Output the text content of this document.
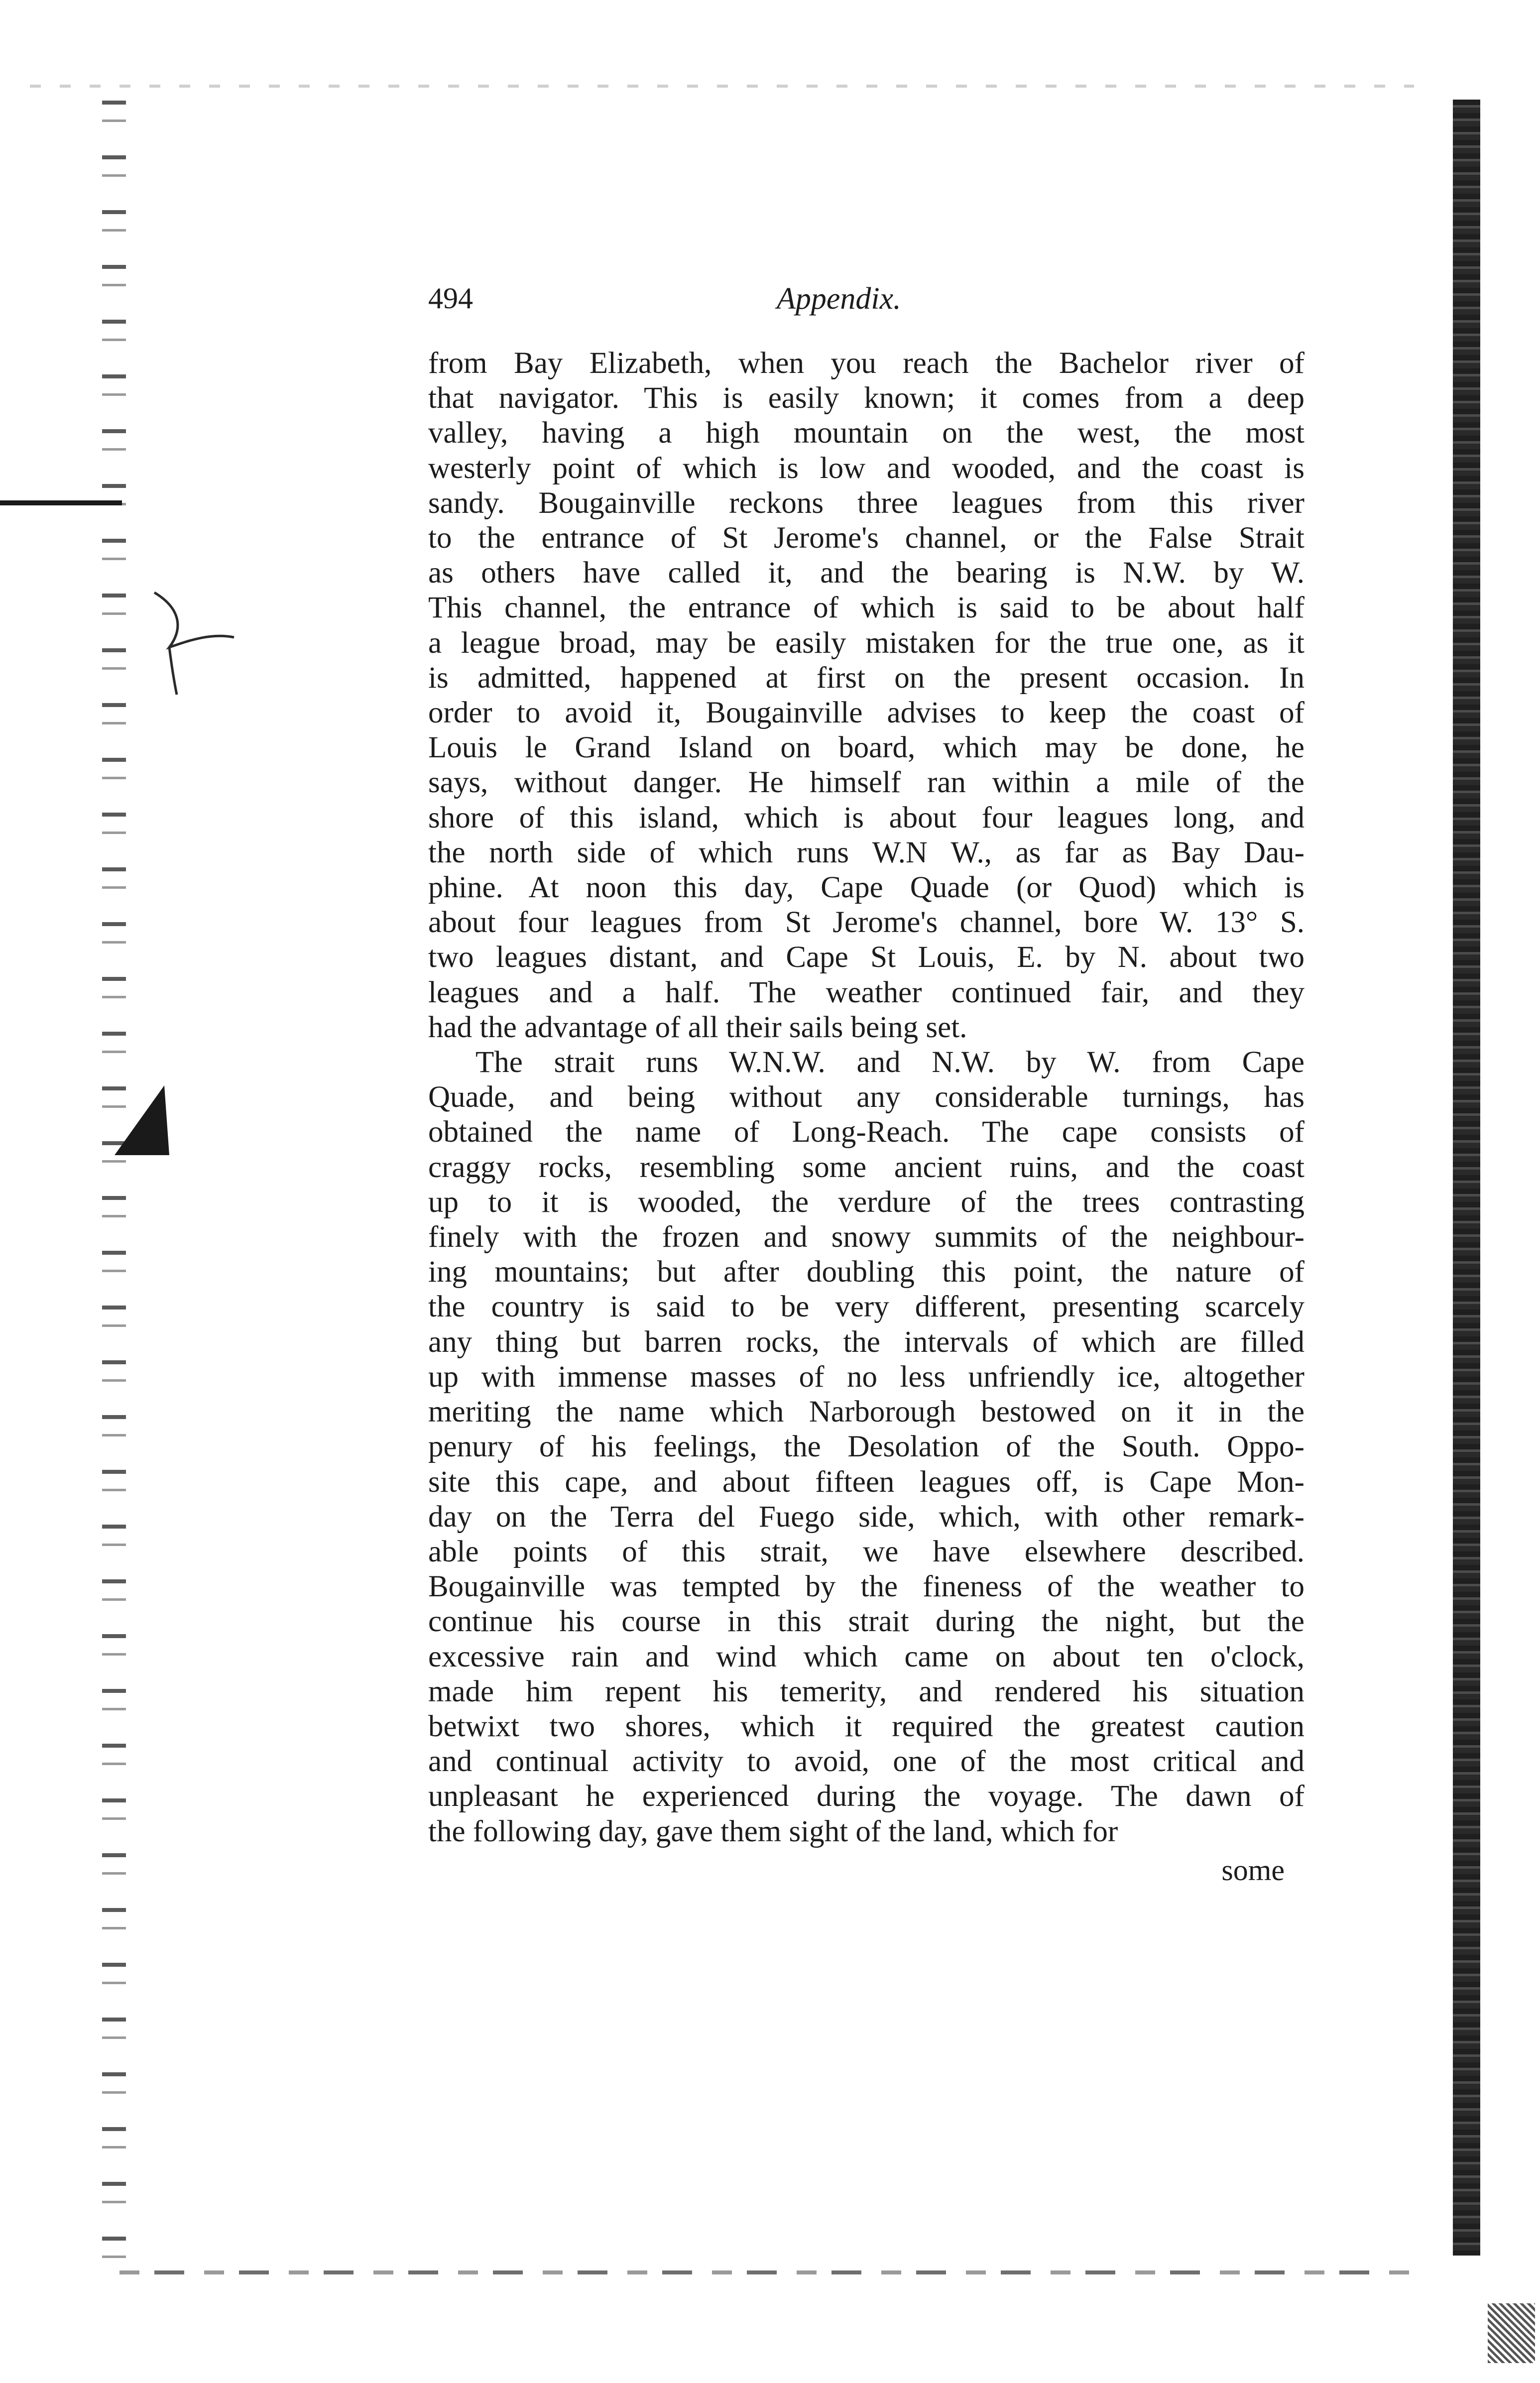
494	Appendix.
from Bay Elizabeth, when you reach the Bachelor river of
that navigator. This is easily known; it comes from a deep
valley, having a high mountain on the west, the most
westerly point of which is low and wooded, and the coast is
sandy. Bougainville reckons three leagues from this river
to the entrance of St Jerome's channel, or the False Strait
as others have called it, and the bearing is N.W. by W.
This channel, the entrance of which is said to be about half
a league broad, may be easily mistaken for the true one, as it
is admitted, happened at first on the present occasion. In
order to avoid it, Bougainville advises to keep the coast of
Louis le Grand Island on board, which may be done, he
says, without danger. He himself ran within a mile of the
shore of this island, which is about four leagues long, and
the north side of which runs W.N W., as far as Bay Dau-
phine. At noon this day, Cape Quade (or Quod) which is
about four leagues from St Jerome's channel, bore W. 13° S.
two leagues distant, and Cape St Louis, E. by N. about two
leagues and a half. The weather continued fair, and they
had the advantage of all their sails being set.
The strait runs W.N.W. and N.W. by W. from Cape
Quade, and being without any considerable turnings, has
obtained the name of Long-Reach. The cape consists of
craggy rocks, resembling some ancient ruins, and the coast
up to it is wooded, the verdure of the trees contrasting
finely with the frozen and snowy summits of the neighbour-
ing mountains; but after doubling this point, the nature of
the country is said to be very different, presenting scarcely
any thing but barren rocks, the intervals of which are filled
up with immense masses of no less unfriendly ice, altogether
meriting the name which Narborough bestowed on it in the
penury of his feelings, the Desolation of the South. Oppo-
site this cape, and about fifteen leagues off, is Cape Mon-
day on the Terra del Fuego side, which, with other remark-
able points of this strait, we have elsewhere described.
Bougainville was tempted by the fineness of the weather to
continue his course in this strait during the night, but the
excessive rain and wind which came on about ten o'clock,
made him repent his temerity, and rendered his situation
betwixt two shores, which it required the greatest caution
and continual activity to avoid, one of the most critical and
unpleasant he experienced during the voyage. The dawn of
the following day, gave them sight of the land, which for
some
